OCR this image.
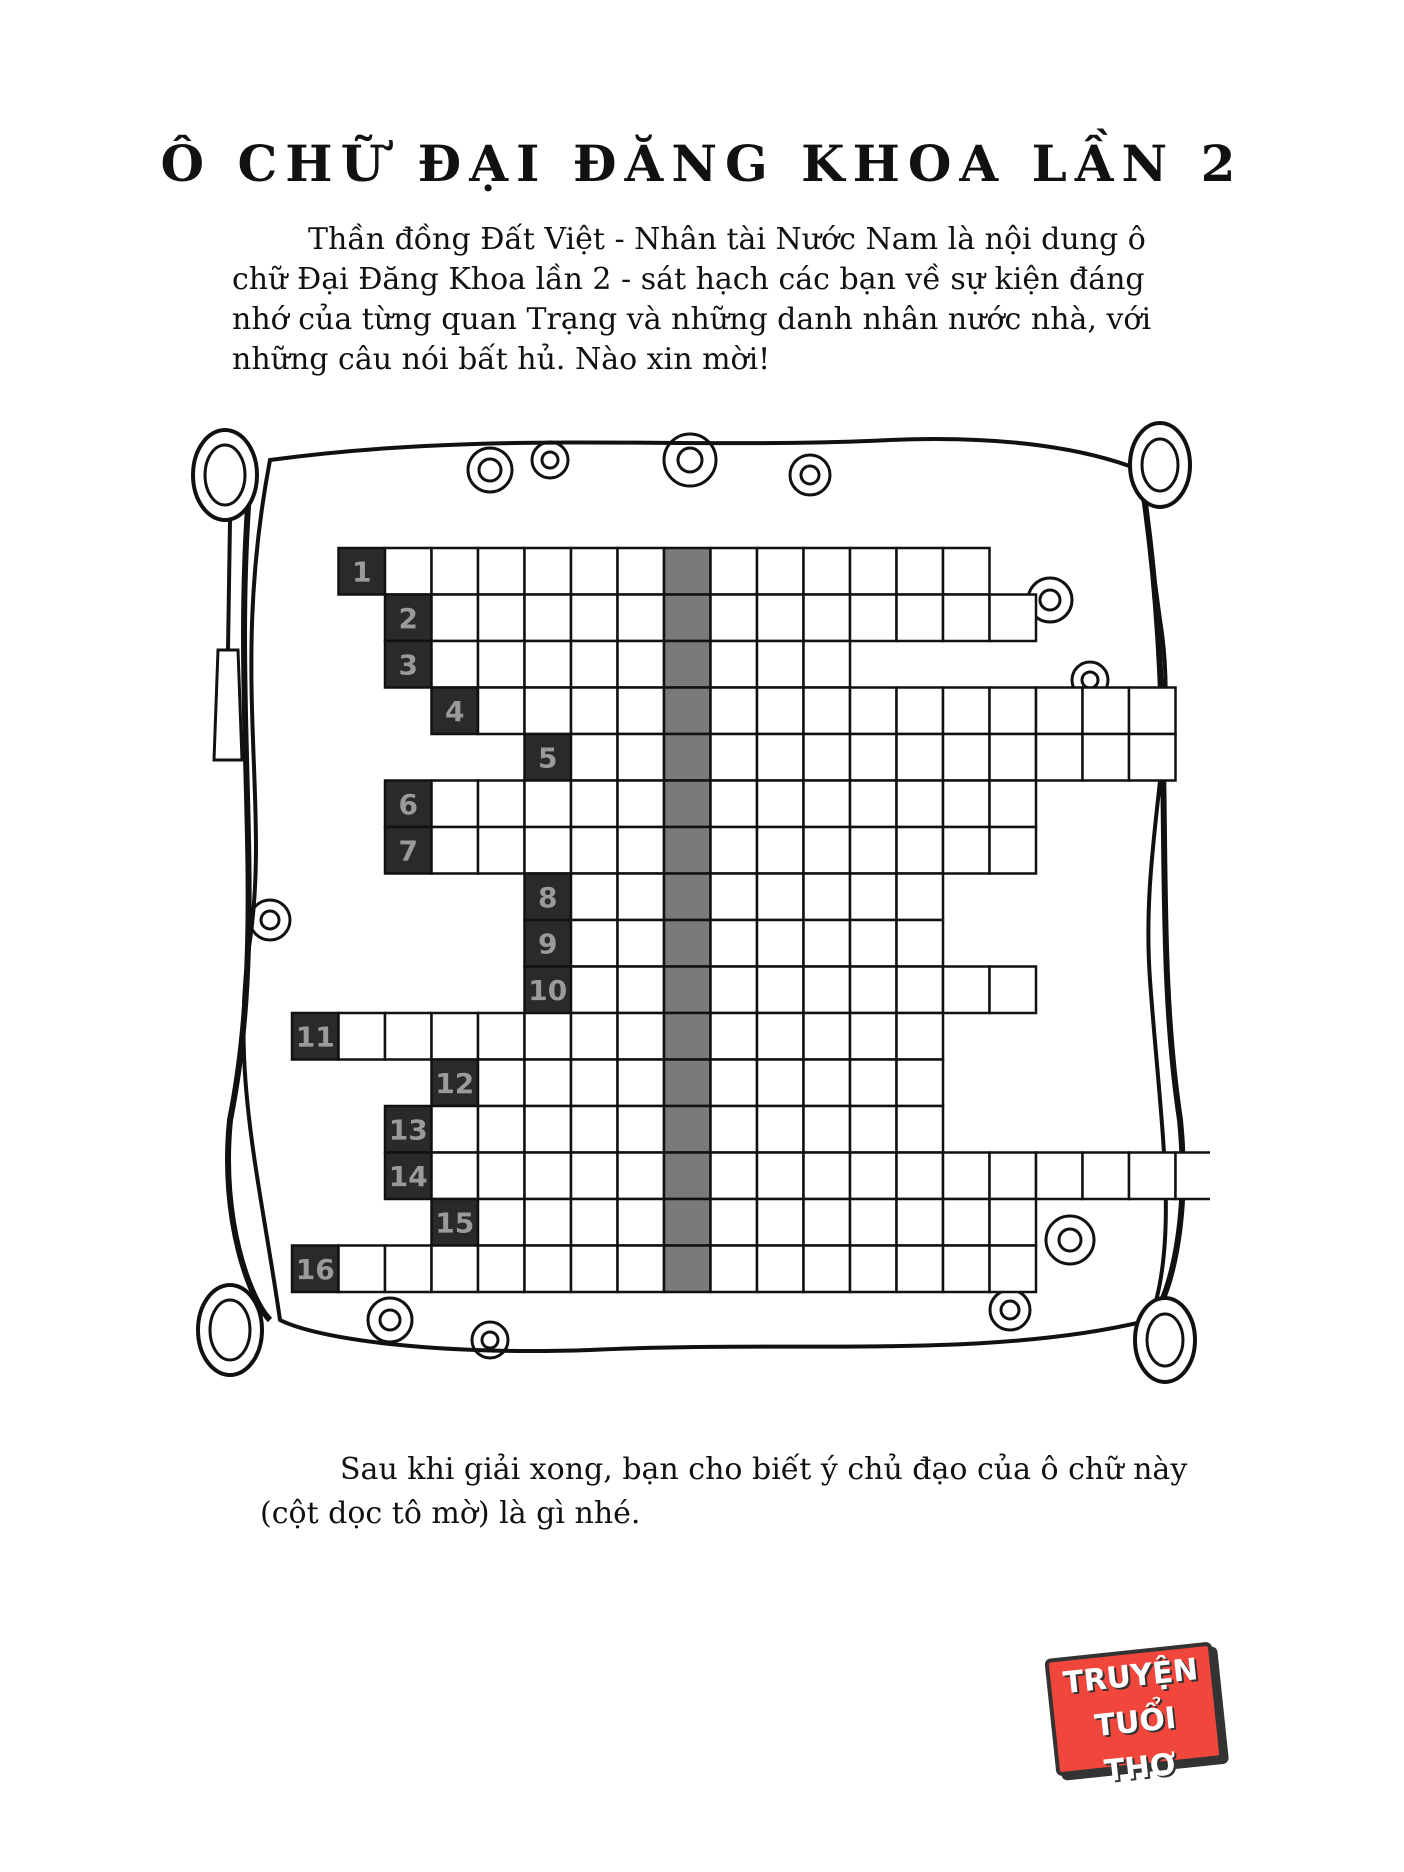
Ô CHỮ ĐẠI ĐĂNG KHOA LẦN 2

Thần đồng Đất Việt - Nhân tài Nước Nam là nội dung ô chữ Đại Đăng Khoa lần 2 - sát hạch các bạn về sự kiện đáng nhớ của từng quan Trạng và những danh nhân nước nhà, với những câu nói bất hủ. Nào xin mời!

1
2
3
4
5
6
7
8
9
10
11
12
13
14
15
16

Sau khi giải xong, bạn cho biết ý chủ đạo của ô chữ này (cột dọc tô mờ) là gì nhé.

TRUYỆN
TUỔI THƠ
